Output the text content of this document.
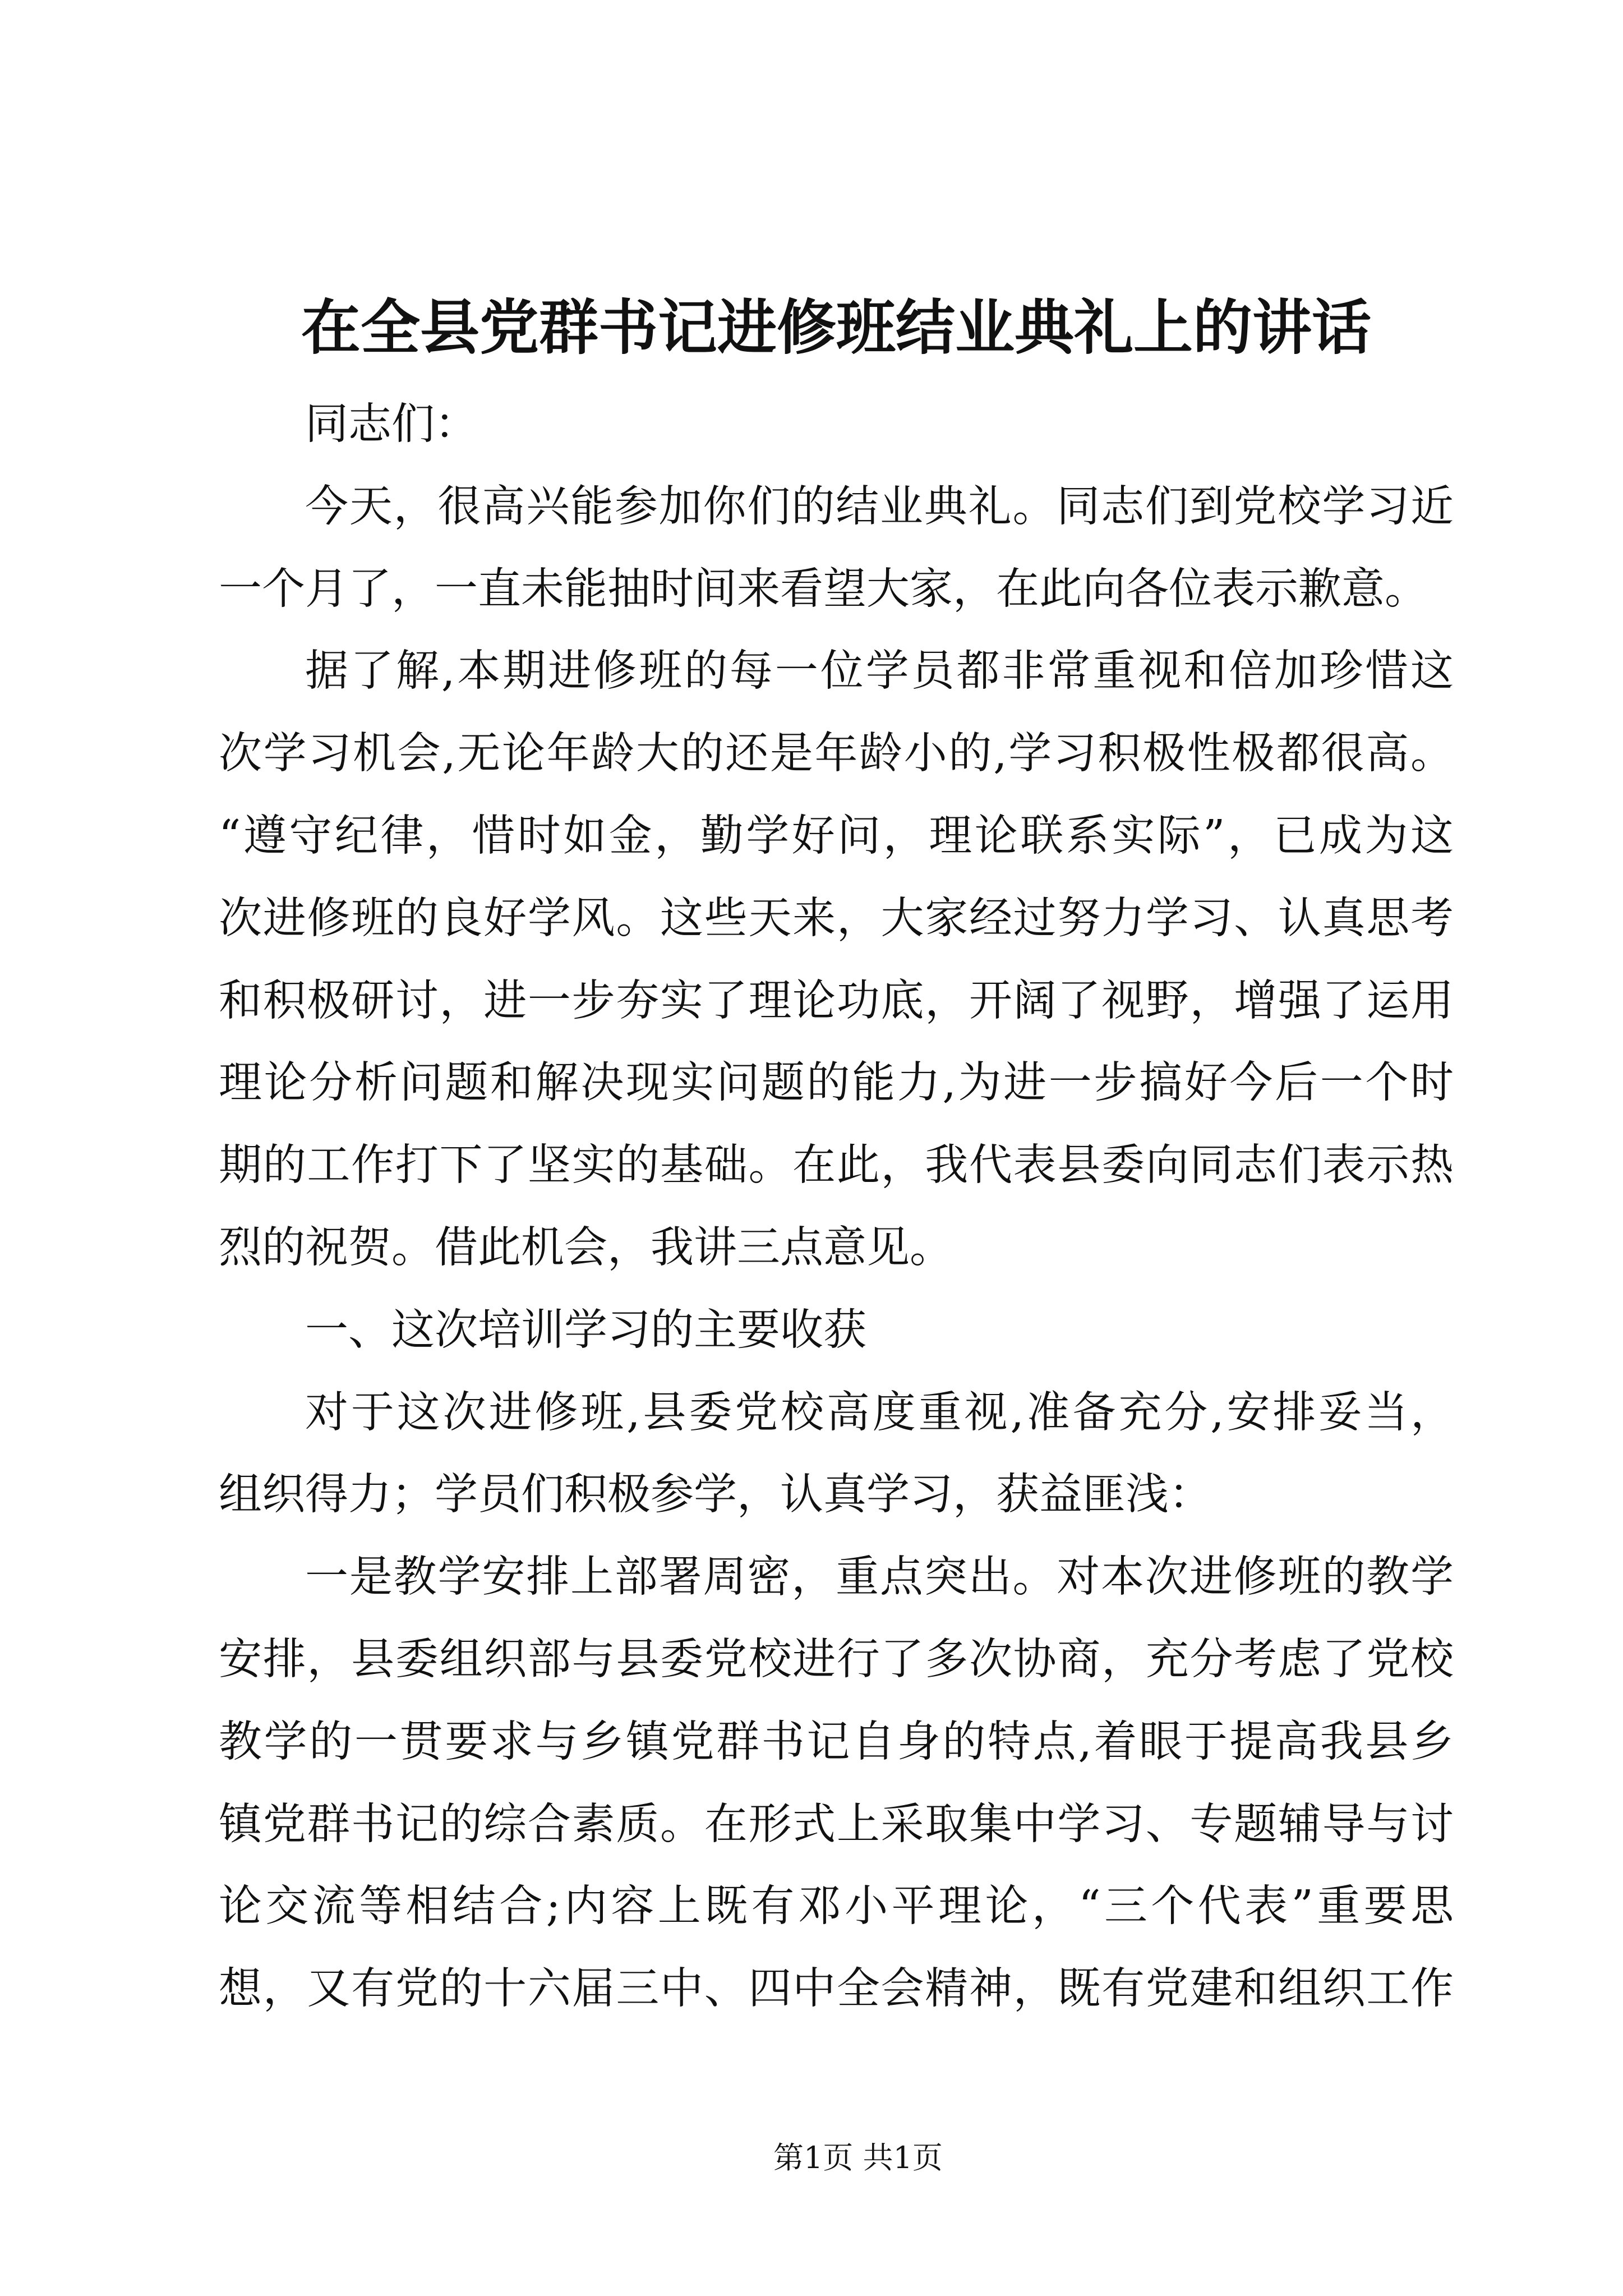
在全县党群书记进修班结业典礼上的讲话
同志们：
今天，很高兴能参加你们的结业典礼。同志们到党校学习近
一个月了，一直未能抽时间来看望大家，在此向各位表示歉意。
据了解,本期进修班的每一位学员都非常重视和倍加珍惜这
次学习机会,无论年龄大的还是年龄小的,学习积极性极都很高。
“遵守纪律，惜时如金，勤学好问，理论联系实际”，已成为这
次进修班的良好学风。这些天来，大家经过努力学习、认真思考
和积极研讨，进一步夯实了理论功底，开阔了视野，增强了运用
理论分析问题和解决现实问题的能力,为进一步搞好今后一个时
期的工作打下了坚实的基础。在此，我代表县委向同志们表示热
烈的祝贺。借此机会，我讲三点意见。
一、这次培训学习的主要收获
对于这次进修班,县委党校高度重视,准备充分,安排妥当，
组织得力；学员们积极参学，认真学习，获益匪浅：
一是教学安排上部署周密，重点突出。对本次进修班的教学
安排，县委组织部与县委党校进行了多次协商，充分考虑了党校
教学的一贯要求与乡镇党群书记自身的特点,着眼于提高我县乡
镇党群书记的综合素质。在形式上采取集中学习、专题辅导与讨
论交流等相结合;内容上既有邓小平理论，“三个代表”重要思
想，又有党的十六届三中、四中全会精神，既有党建和组织工作
第1页 共1页
